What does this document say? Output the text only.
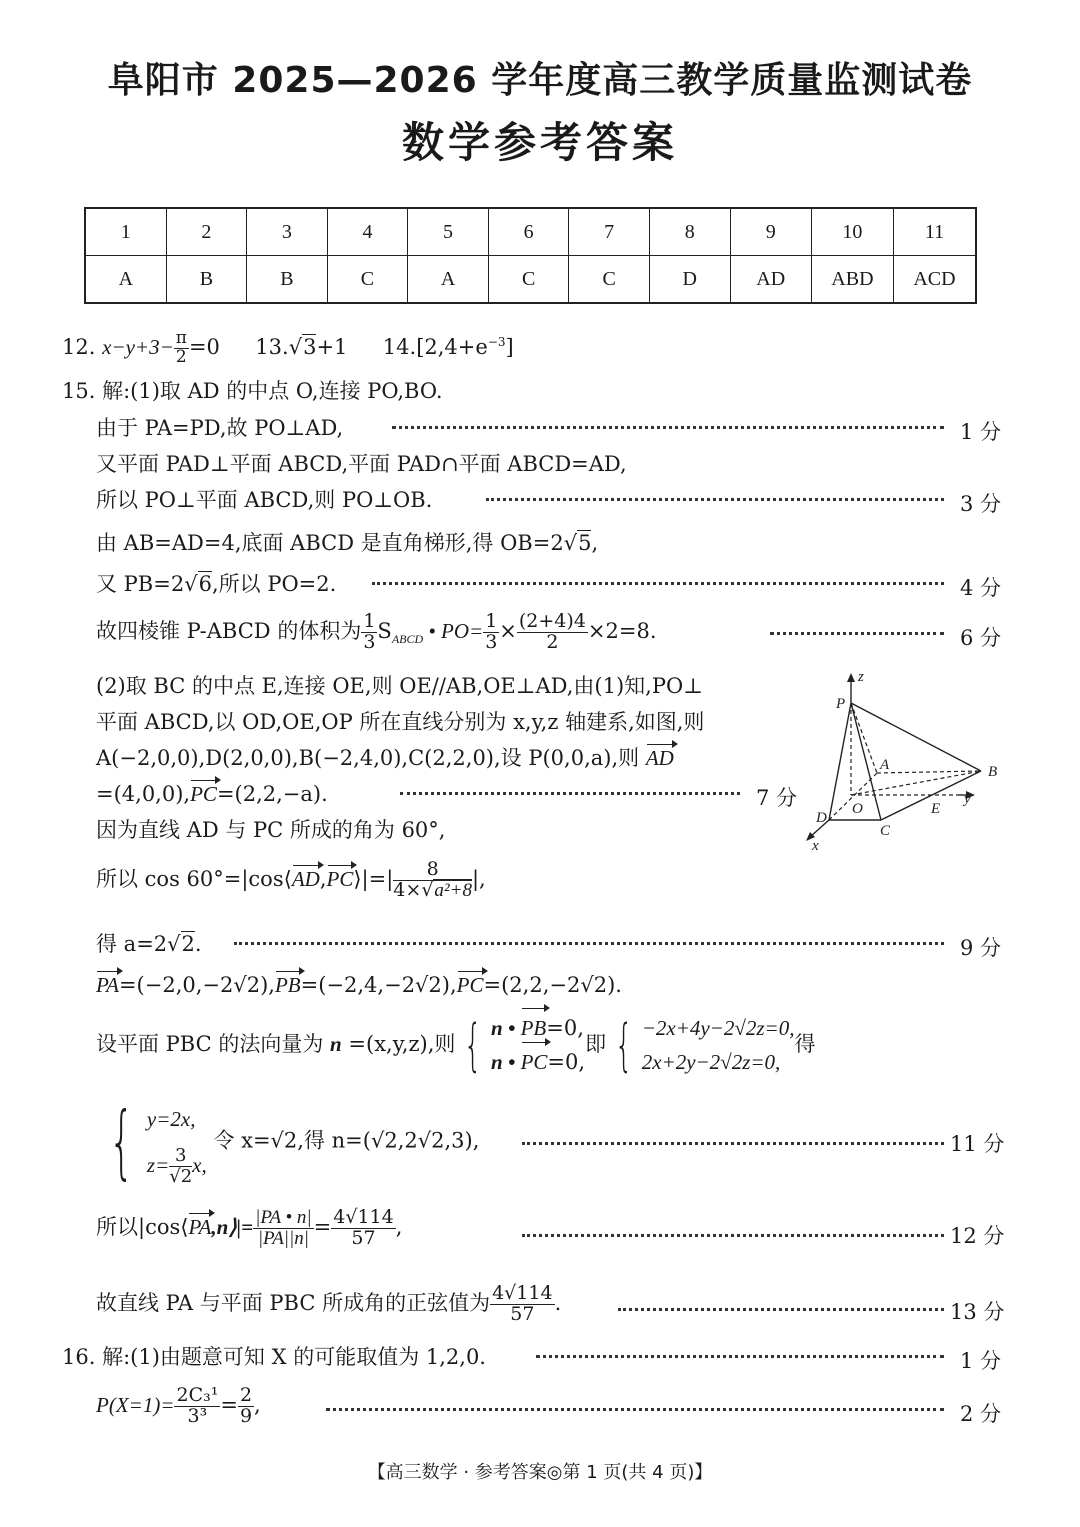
阜阳市 2025—2026 学年度高三教学质量监测试卷
数学参考答案
1	2	3	4	5	6	7	8	9	10	11
A	B	B	C	A	C	C	D	AD	ABD	ACD
12. $x-y+3- \frac{\pi}{2} =0$ 13.√3+1 $14.[2,4+e^{-3}]$
15. 解:(1)取 AD 的中点 O,连接 PO,BO.
由于 PA=PD,故 PO⊥AD,	1 分
又平面 PAD⊥平面 ABCD,平面 PAD∩平面 ABCD=AD,
所以 PO⊥平面 ABCD,则 PO⊥OB.	3 分
由 AB=AD=4,底面 ABCD 是直角梯形,得 OB=2√5,
又 PB=2√6,所以 PO=2.	4 分
故四棱锥 P-ABCD 的体积为 $\frac{1}{3} S_{ABCD}$ • $PO= \frac{1}{3} \times \frac{(2+4)4}{2} \times 2=8$.	6 分
(2)取 BC 的中点 E,连接 OE,则 OE//AB,OE⊥AD,由(1)知,PO⊥
平面 ABCD,以 OD,OE,OP 所在直线分别为 x,y,z 轴建系,如图,则
A(−2,0,0),D(2,0,0),B(−2,4,0),C(2,2,0),设 P(0,0,a),则 AD
=(4,0,0),PC=(2,2,−a).	7 分
因为直线 AD 与 PC 所成的角为 60°,
z
P
A	B
O	E
y
C
D
x
所以 cos 60°=|cos⟨AD,PC⟩|=| $\frac{8}{\text{4×√a²+8}}$ |,
得 a=2√2.	9 分
PA=(−2,0,−2√2),PB=(−2,4,−2√2),PC=(2,2,−2√2).
设平面 PBC 的法向量为 n =(x,y,z),则 { n • PB=0,
n • PC=0,
即 { −2x+4y−2√2z=0,
2x+2y−2√2z=0,
得
{ y=2x,
$z= \frac{3}{√2} x$,
令 x=√2,得 n=(√2,2√2,3),	11 分
所以|cos⟨PA,n⟩|= $\frac{|PA • n|}{|PA||n|} = \frac{4√114}{57}$ ,	12 分
故直线 PA 与平面 PBC 所成角的正弦值为 $\frac{4√114}{57}$ .	13 分
16. 解:(1)由题意可知 X 的可能取值为 1,2,0.	1 分
$P(X=1)= \frac{\text{2C₃¹}}{\text{3³}} = \frac{2}{9}$ ,	2 分
【高三数学 · 参考答案◎第 1 页(共 4 页)】
